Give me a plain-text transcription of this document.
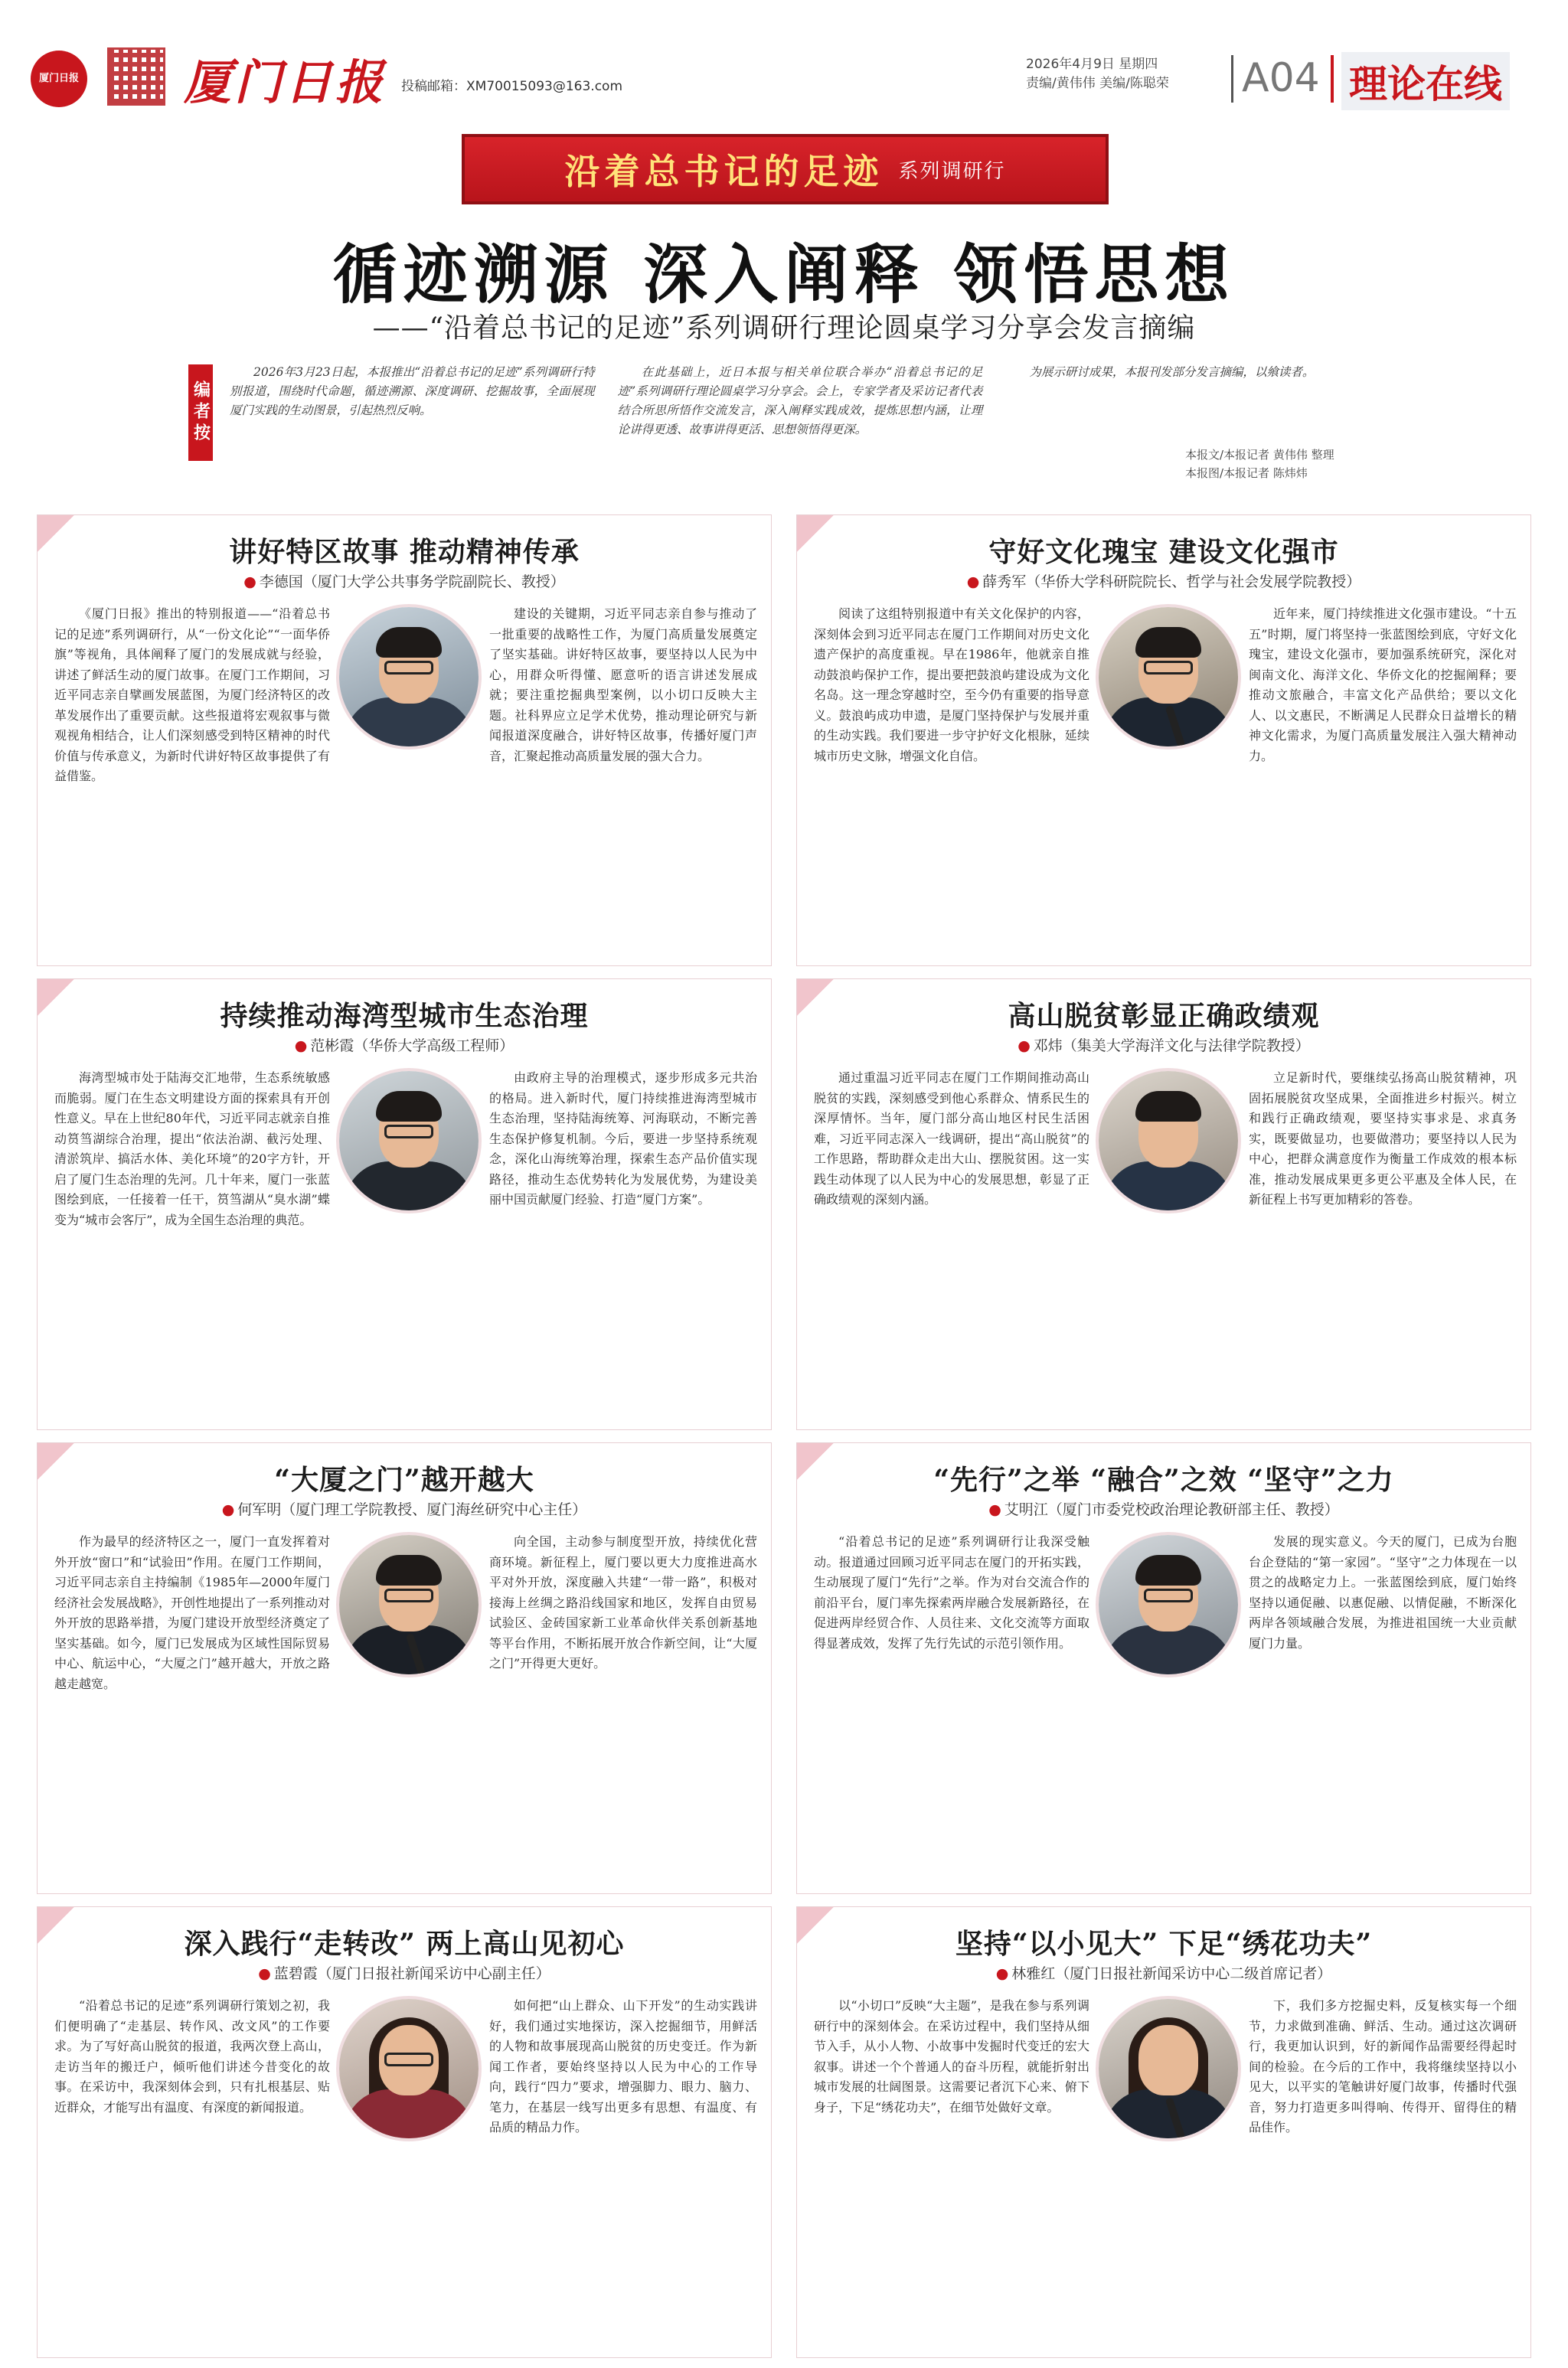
厦门日报 厦门日报 投稿邮箱：XM70015093@163.com
2026年4月9日 星期四
责编/黄伟伟 美编/陈聪荣 A04 理论在线
沿着总书记的足迹 系列调研行
循迹溯源 深入阐释 领悟思想
——“沿着总书记的足迹”系列调研行理论圆桌学习分享会发言摘编
编者按

2026年3月23日起，本报推出“沿着总书记的足迹”系列调研行特别报道，围绕时代命题，循迹溯源、深度调研、挖掘故事，全面展现厦门实践的生动图景，引起热烈反响。

在此基础上，近日本报与相关单位联合举办“沿着总书记的足迹”系列调研行理论圆桌学习分享会。会上，专家学者及采访记者代表结合所思所悟作交流发言，深入阐释实践成效，提炼思想内涵，让理论讲得更透、故事讲得更活、思想领悟得更深。

为展示研讨成果，本报刊发部分发言摘编，以飨读者。

本报文/本报记者 黄伟伟 整理
本报图/本报记者 陈炜炜
讲好特区故事 推动精神传承
● 李德国（厦门大学公共事务学院副院长、教授）
《厦门日报》推出的特别报道——“沿着总书记的足迹”系列调研行，从“一份文化论”“一面华侨旗”等视角，具体阐释了厦门的发展成就与经验，讲述了鲜活生动的厦门故事。在厦门工作期间，习近平同志亲自擘画发展蓝图，为厦门经济特区的改革发展作出了重要贡献。这些报道将宏观叙事与微观视角相结合，让人们深刻感受到特区精神的时代价值与传承意义，为新时代讲好特区故事提供了有益借鉴。
建设的关键期，习近平同志亲自参与推动了一批重要的战略性工作，为厦门高质量发展奠定了坚实基础。讲好特区故事，要坚持以人民为中心，用群众听得懂、愿意听的语言讲述发展成就；要注重挖掘典型案例，以小切口反映大主题。社科界应立足学术优势，推动理论研究与新闻报道深度融合，讲好特区故事，传播好厦门声音，汇聚起推动高质量发展的强大合力。
守好文化瑰宝 建设文化强市
● 薛秀军（华侨大学科研院院长、哲学与社会发展学院教授）
阅读了这组特别报道中有关文化保护的内容，深刻体会到习近平同志在厦门工作期间对历史文化遗产保护的高度重视。早在1986年，他就亲自推动鼓浪屿保护工作，提出要把鼓浪屿建设成为文化名岛。这一理念穿越时空，至今仍有重要的指导意义。鼓浪屿成功申遗，是厦门坚持保护与发展并重的生动实践。我们要进一步守护好文化根脉，延续城市历史文脉，增强文化自信。
近年来，厦门持续推进文化强市建设。“十五五”时期，厦门将坚持一张蓝图绘到底，守好文化瑰宝，建设文化强市，要加强系统研究，深化对闽南文化、海洋文化、华侨文化的挖掘阐释；要推动文旅融合，丰富文化产品供给；要以文化人、以文惠民，不断满足人民群众日益增长的精神文化需求，为厦门高质量发展注入强大精神动力。
持续推动海湾型城市生态治理
● 范彬霞（华侨大学高级工程师）
海湾型城市处于陆海交汇地带，生态系统敏感而脆弱。厦门在生态文明建设方面的探索具有开创性意义。早在上世纪80年代，习近平同志就亲自推动筼筜湖综合治理，提出“依法治湖、截污处理、清淤筑岸、搞活水体、美化环境”的20字方针，开启了厦门生态治理的先河。几十年来，厦门一张蓝图绘到底，一任接着一任干，筼筜湖从“臭水湖”蝶变为“城市会客厅”，成为全国生态治理的典范。
由政府主导的治理模式，逐步形成多元共治的格局。进入新时代，厦门持续推进海湾型城市生态治理，坚持陆海统筹、河海联动，不断完善生态保护修复机制。今后，要进一步坚持系统观念，深化山海统筹治理，探索生态产品价值实现路径，推动生态优势转化为发展优势，为建设美丽中国贡献厦门经验、打造“厦门方案”。
高山脱贫彰显正确政绩观
● 邓炜（集美大学海洋文化与法律学院教授）
通过重温习近平同志在厦门工作期间推动高山脱贫的实践，深刻感受到他心系群众、情系民生的深厚情怀。当年，厦门部分高山地区村民生活困难，习近平同志深入一线调研，提出“高山脱贫”的工作思路，帮助群众走出大山、摆脱贫困。这一实践生动体现了以人民为中心的发展思想，彰显了正确政绩观的深刻内涵。
立足新时代，要继续弘扬高山脱贫精神，巩固拓展脱贫攻坚成果，全面推进乡村振兴。树立和践行正确政绩观，要坚持实事求是、求真务实，既要做显功，也要做潜功；要坚持以人民为中心，把群众满意度作为衡量工作成效的根本标准，推动发展成果更多更公平惠及全体人民，在新征程上书写更加精彩的答卷。
“大厦之门”越开越大
● 何军明（厦门理工学院教授、厦门海丝研究中心主任）
作为最早的经济特区之一，厦门一直发挥着对外开放“窗口”和“试验田”作用。在厦门工作期间，习近平同志亲自主持编制《1985年—2000年厦门经济社会发展战略》，开创性地提出了一系列推动对外开放的思路举措，为厦门建设开放型经济奠定了坚实基础。如今，厦门已发展成为区域性国际贸易中心、航运中心，“大厦之门”越开越大，开放之路越走越宽。
向全国，主动参与制度型开放，持续优化营商环境。新征程上，厦门要以更大力度推进高水平对外开放，深度融入共建“一带一路”，积极对接海上丝绸之路沿线国家和地区，发挥自由贸易试验区、金砖国家新工业革命伙伴关系创新基地等平台作用，不断拓展开放合作新空间，让“大厦之门”开得更大更好。
“先行”之举 “融合”之效 “坚守”之力
● 艾明江（厦门市委党校政治理论教研部主任、教授）
“沿着总书记的足迹”系列调研行让我深受触动。报道通过回顾习近平同志在厦门的开拓实践，生动展现了厦门“先行”之举。作为对台交流合作的前沿平台，厦门率先探索两岸融合发展新路径，在促进两岸经贸合作、人员往来、文化交流等方面取得显著成效，发挥了先行先试的示范引领作用。
发展的现实意义。今天的厦门，已成为台胞台企登陆的“第一家园”。“坚守”之力体现在一以贯之的战略定力上。一张蓝图绘到底，厦门始终坚持以通促融、以惠促融、以情促融，不断深化两岸各领域融合发展，为推进祖国统一大业贡献厦门力量。
深入践行“走转改” 两上高山见初心
● 蓝碧霞（厦门日报社新闻采访中心副主任）
“沿着总书记的足迹”系列调研行策划之初，我们便明确了“走基层、转作风、改文风”的工作要求。为了写好高山脱贫的报道，我两次登上高山，走访当年的搬迁户，倾听他们讲述今昔变化的故事。在采访中，我深刻体会到，只有扎根基层、贴近群众，才能写出有温度、有深度的新闻报道。
如何把“山上群众、山下开发”的生动实践讲好，我们通过实地探访，深入挖掘细节，用鲜活的人物和故事展现高山脱贫的历史变迁。作为新闻工作者，要始终坚持以人民为中心的工作导向，践行“四力”要求，增强脚力、眼力、脑力、笔力，在基层一线写出更多有思想、有温度、有品质的精品力作。
坚持“以小见大” 下足“绣花功夫”
● 林雅红（厦门日报社新闻采访中心二级首席记者）
以“小切口”反映“大主题”，是我在参与系列调研行中的深刻体会。在采访过程中，我们坚持从细节入手，从小人物、小故事中发掘时代变迁的宏大叙事。讲述一个个普通人的奋斗历程，就能折射出城市发展的壮阔图景。这需要记者沉下心来、俯下身子，下足“绣花功夫”，在细节处做好文章。
下，我们多方挖掘史料，反复核实每一个细节，力求做到准确、鲜活、生动。通过这次调研行，我更加认识到，好的新闻作品需要经得起时间的检验。在今后的工作中，我将继续坚持以小见大，以平实的笔触讲好厦门故事，传播时代强音，努力打造更多叫得响、传得开、留得住的精品佳作。
